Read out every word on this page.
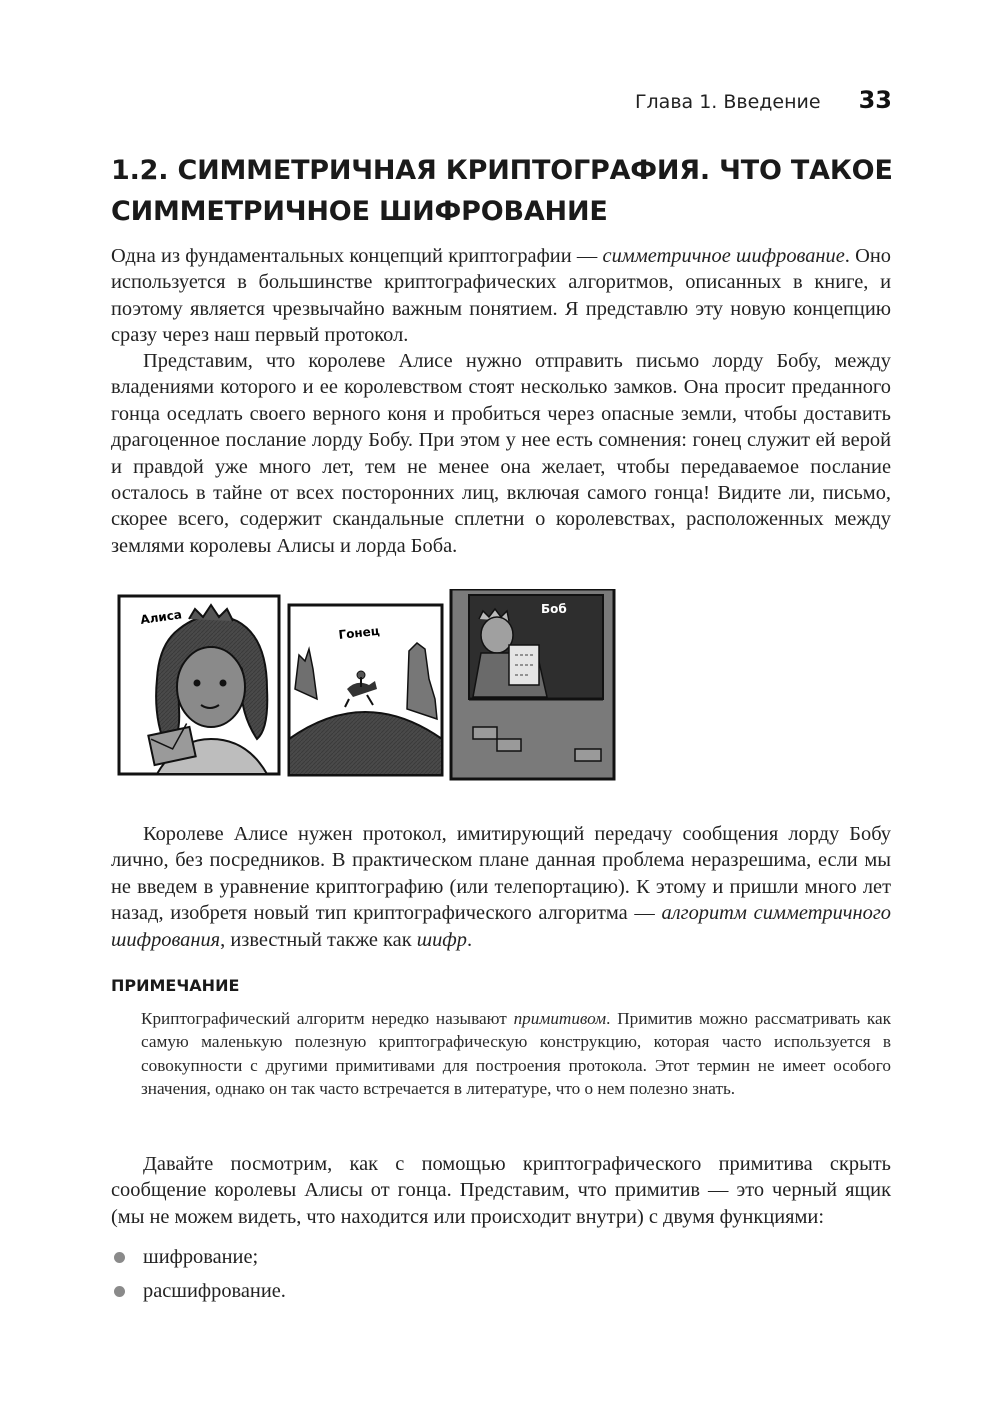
Глава 1. Введение 33
1.2. СИММЕТРИЧНАЯ КРИПТОГРАФИЯ. ЧТО ТАКОЕ СИММЕТРИЧНОЕ ШИФРОВАНИЕ

Одна из фундаментальных концепций криптографии — симметричное шифрование. Оно используется в большинстве криптографических алгоритмов, описанных в книге, и поэтому является чрезвычайно важным понятием. Я представлю эту новую концепцию сразу через наш первый протокол.

Представим, что королеве Алисе нужно отправить письмо лорду Бобу, между владениями которого и ее королевством стоят несколько замков. Она просит преданного гонца оседлать своего верного коня и пробиться через опасные земли, чтобы доставить драгоценное послание лорду Бобу. При этом у нее есть сомнения: гонец служит ей верой и правдой уже много лет, тем не менее она желает, чтобы передаваемое послание осталось в тайне от всех посторонних лиц, включая самого гонца! Видите ли, письмо, скорее всего, содержит скандальные сплетни о королевствах, расположенных между землями королевы Алисы и лорда Боба.

Алиса
Гонец
Боб

Королеве Алисе нужен протокол, имитирующий передачу сообщения лорду Бобу лично, без посредников. В практическом плане данная проблема неразрешима, если мы не введем в уравнение криптографию (или телепортацию). К этому и пришли много лет назад, изобретя новый тип криптографического алгоритма — алгоритм симметричного шифрования, известный также как шифр.

ПРИМЕЧАНИЕ

Криптографический алгоритм нередко называют примитивом. Примитив можно рассматривать как самую маленькую полезную криптографическую конструкцию, которая часто используется в совокупности с другими примитивами для построения протокола. Этот термин не имеет особого значения, однако он так часто встречается в литературе, что о нем полезно знать.

Давайте посмотрим, как с помощью криптографического примитива скрыть сообщение королевы Алисы от гонца. Представим, что примитив — это черный ящик (мы не можем видеть, что находится или происходит внутри) с двумя функциями:

шифрование;
расшифрование.
